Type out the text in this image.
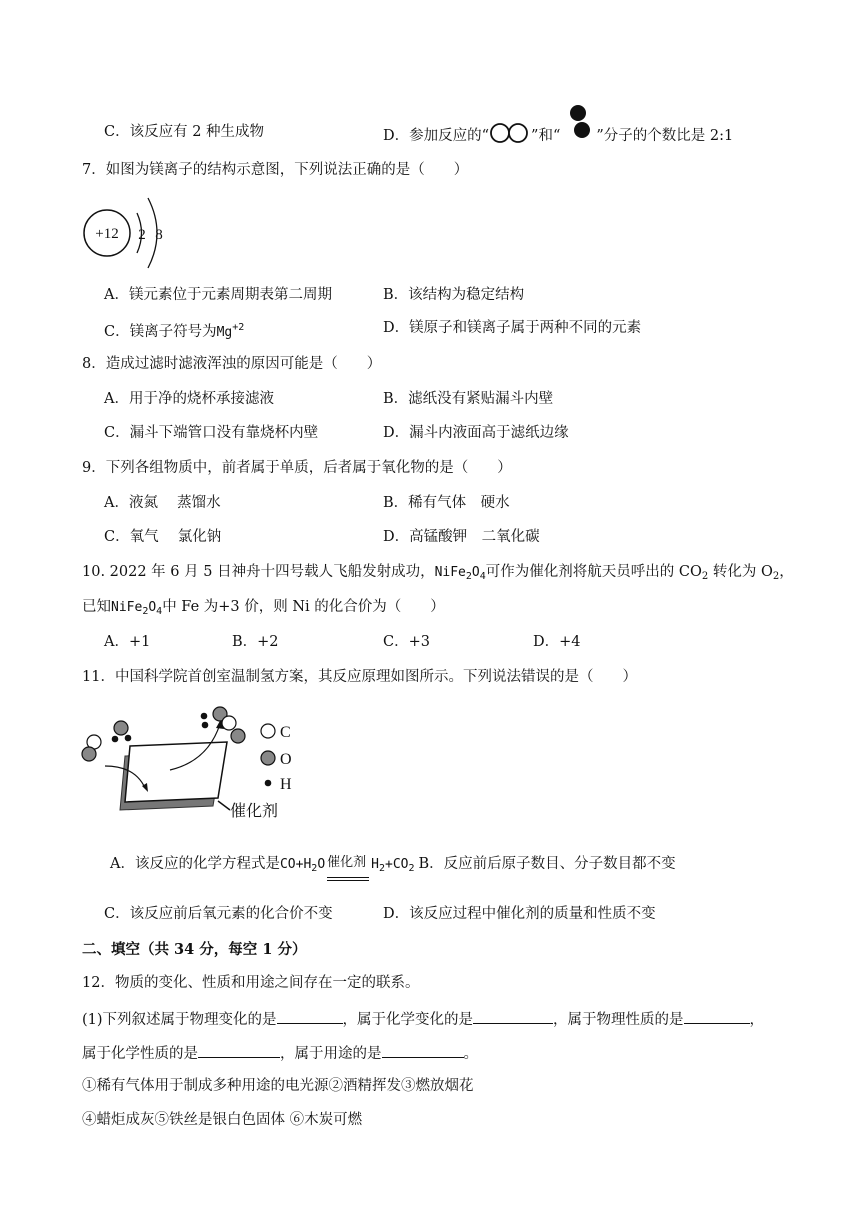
C．该反应有 2 种生成物	D．参加反应的“	”和“ ”分子的个数比是 2:1
7．如图为镁离子的结构示意图，下列说法正确的是（　　）
+12 2 8
A．镁元素位于元素周期表第二周期	B．该结构为稳定结构
C．镁离子符号为$Mg^{+2}$	D．镁原子和镁离子属于两种不同的元素
8．造成过滤时滤液浑浊的原因可能是（　　）
A．用于净的烧杯承接滤液	B．滤纸没有紧贴漏斗内壁
C．漏斗下端管口没有靠烧杯内壁	D．漏斗内液面高于滤纸边缘
9．下列各组物质中，前者属于单质，后者属于氧化物的是（　　）
A．液氮　 蒸馏水	B．稀有气体　硬水
C．氧气　 氯化钠	D．高锰酸钾　二氧化碳
10. 2022 年 6 月 5 日神舟十四号载人飞船发射成功，$NiFe_2O_4$可作为催化剂将航天员呼出的 $CO_2$ 转化为 $O_2$，
已知$NiFe_2O_4$中 Fe 为+3 价，则 Ni 的化合价为（　　）
A．+1	B．+2	C．+3	D．+4
11．中国科学院首创室温制氢方案，其反应原理如图所示。下列说法错误的是（　　）
C
O
H
催化剂
A．该反应的化学方程式是$CO+H_2O$ 催化剂 $H_2+CO_2$ B．反应前后原子数目、分子数目都不变
C．该反应前后氧元素的化合价不变	D．该反应过程中催化剂的质量和性质不变
二、填空（共 34 分，每空 1 分）
12．物质的变化、性质和用途之间存在一定的联系。
(1)下列叙述属于物理变化的是	，属于化学变化的是	，属于物理性质的是	，
属于化学性质的是	，属于用途的是	。
①稀有气体用于制成多种用途的电光源②酒精挥发③燃放烟花
④蜡炬成灰⑤铁丝是银白色固体 ⑥木炭可燃
